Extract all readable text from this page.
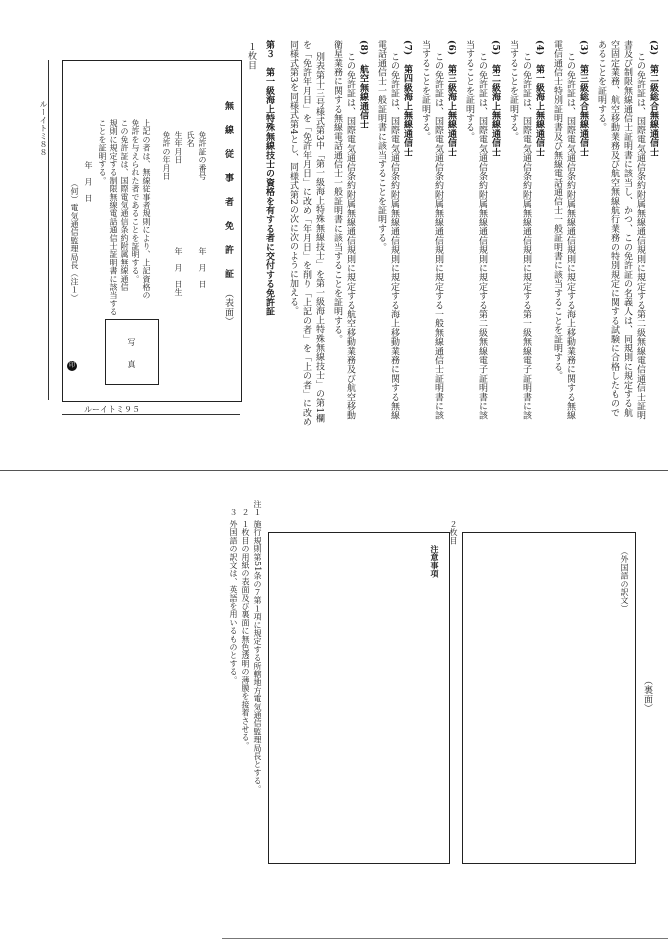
(2)　第二級総合無線通信士
この免許証は、国際電気通信条約附属無線通信規則に規定する第二級無線電信通信士証明
書及び制限無線通信士証明書に該当し、かつ、この免許証の名義人は、同規則に規定する航
空固定業務、航空移動業務及び航空無線航行業務の特別規定に関する試験に合格したもので
あることを証明する。
(3)　第三級総合無線通信士
この免許証は、国際電気通信条約附属無線通信規則に規定する海上移動業務に関する無線
電信通信士特別証明書及び無線電話通信士一般証明書に該当することを証明する。
(4)　第一級海上無線通信士
この免許証は、国際電気通信条約附属無線通信規則に規定する第一級無線電子証明書に該
当することを証明する。
(5)　第二級海上無線通信士
この免許証は、国際電気通信条約附属無線通信規則に規定する第二級無線電子証明書に該
当することを証明する。
(6)　第三級海上無線通信士
この免許証は、国際電気通信条約附属無線通信規則に規定する一般無線通信士証明書に該
当することを証明する。
(7)　第四級海上無線通信士
この免許証は、国際電気通信条約附属無線通信規則に規定する海上移動業務に関する無線
電話通信士一般証明書に該当することを証明する。
(8)　航空無線通信士
この免許証は、国際電気通信条約附属無線通信規則に規定する航空移動業務及び航空移動
衛星業務に関する無線電話通信士一般証明書に該当することを証明する。
別表第十三号様式第3中「第一級海上特殊無線技士」を第一級海上特殊無線技士」の第1欄
を「免許年月日」を「免許年月日」に改め「年月日」を削り「上記の者」を「上の者」に改め
同様式第3を同様式第4とし、同様式第2の次に次のように加える。
第３　第一級海上特殊無線技士の資格を有する者に交付する免許証
１枚目
無　線　従　事　者　免　許　証
（表面）
免許証の番号
氏名
生年月日
免許の年月日
年　月　日
年　月　日生
写　真
上記の者は、無線従事者規則により、上記資格の
免許を与えられた者であることを証明する。
この免許証は、国際電気通信条約附属無線通信
規則に規定する制限無線電話通信士証明書に該当する
ことを証明する。
年　月　日
（何）電気通信監理局長（注１）
印
ルーイトミ８８
ルーイトミ９５
（裏面）
（外国語の訳文）
２枚目
注意事項
注１
施行規則第51条の７第１項に規定する所轄地方電気通信監理局長とする。
２
１枚目の用紙の表面及び裏面に無色透明の薄膜を接着させる。
３
外国語の訳文は、英語を用いるものとする。
